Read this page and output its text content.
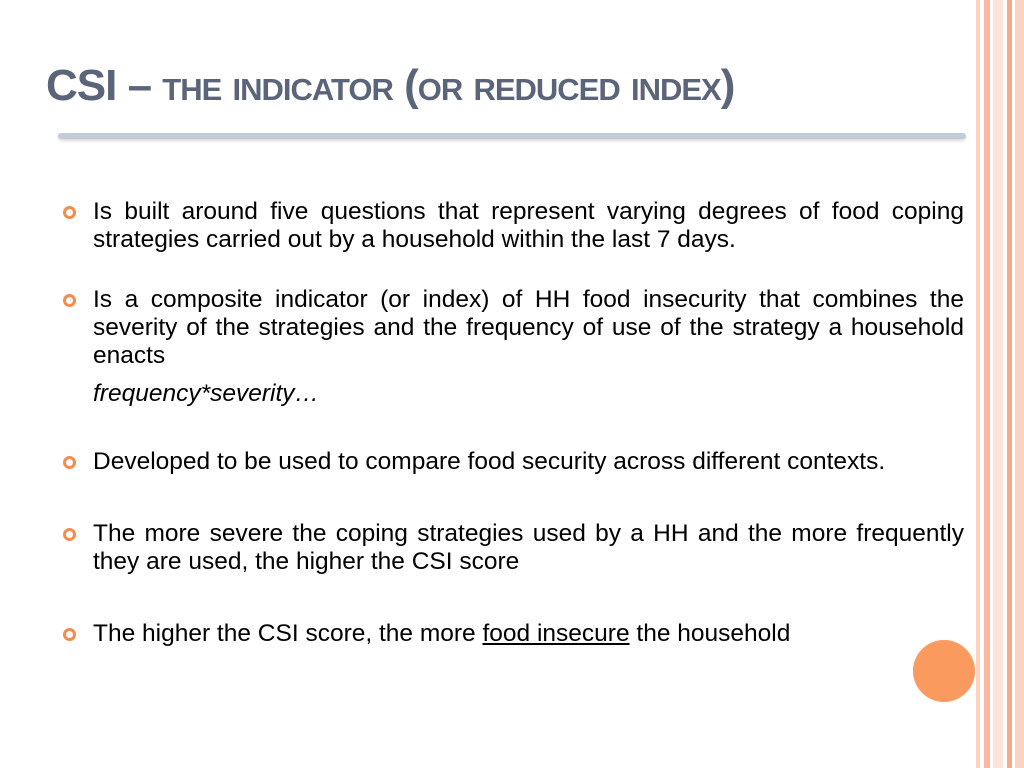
CSI – the indicator (or reduced index)
Is built around five questions that represent varying degrees of food coping strategies carried out by a household within the last 7 days.
Is a composite indicator (or index) of HH food insecurity that combines the severity of the strategies and the frequency of use of the strategy a household enacts
frequency*severity…
Developed to be used to compare food security across different contexts.
The more severe the coping strategies used by a HH and the more frequently they are used, the higher the CSI score
The higher the CSI score, the more food insecure the household
